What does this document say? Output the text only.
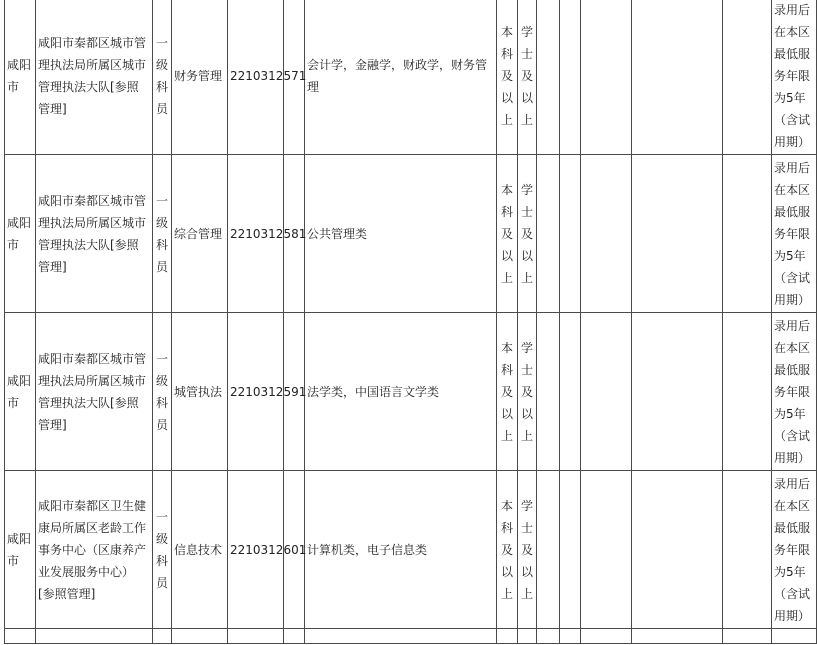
咸阳市	咸阳市秦都区城市管理执法局所属区城市管理执法大队[参照管理]	一级科员	财务管理	2210312571		会计学，金融学，财政学，财务管理	本科及以上	学士及以上						录用后在本区最低服务年限为5年（含试用期）
咸阳市	咸阳市秦都区城市管理执法局所属区城市管理执法大队[参照管理]	一级科员	综合管理	2210312581		公共管理类	本科及以上	学士及以上						录用后在本区最低服务年限为5年（含试用期）
咸阳市	咸阳市秦都区城市管理执法局所属区城市管理执法大队[参照管理]	一级科员	城管执法	2210312591		法学类，中国语言文学类	本科及以上	学士及以上						录用后在本区最低服务年限为5年（含试用期）
咸阳市	咸阳市秦都区卫生健康局所属区老龄工作事务中心（区康养产业发展服务中心）[参照管理]	一级科员	信息技术	2210312601		计算机类，电子信息类	本科及以上	学士及以上						录用后在本区最低服务年限为5年（含试用期）
